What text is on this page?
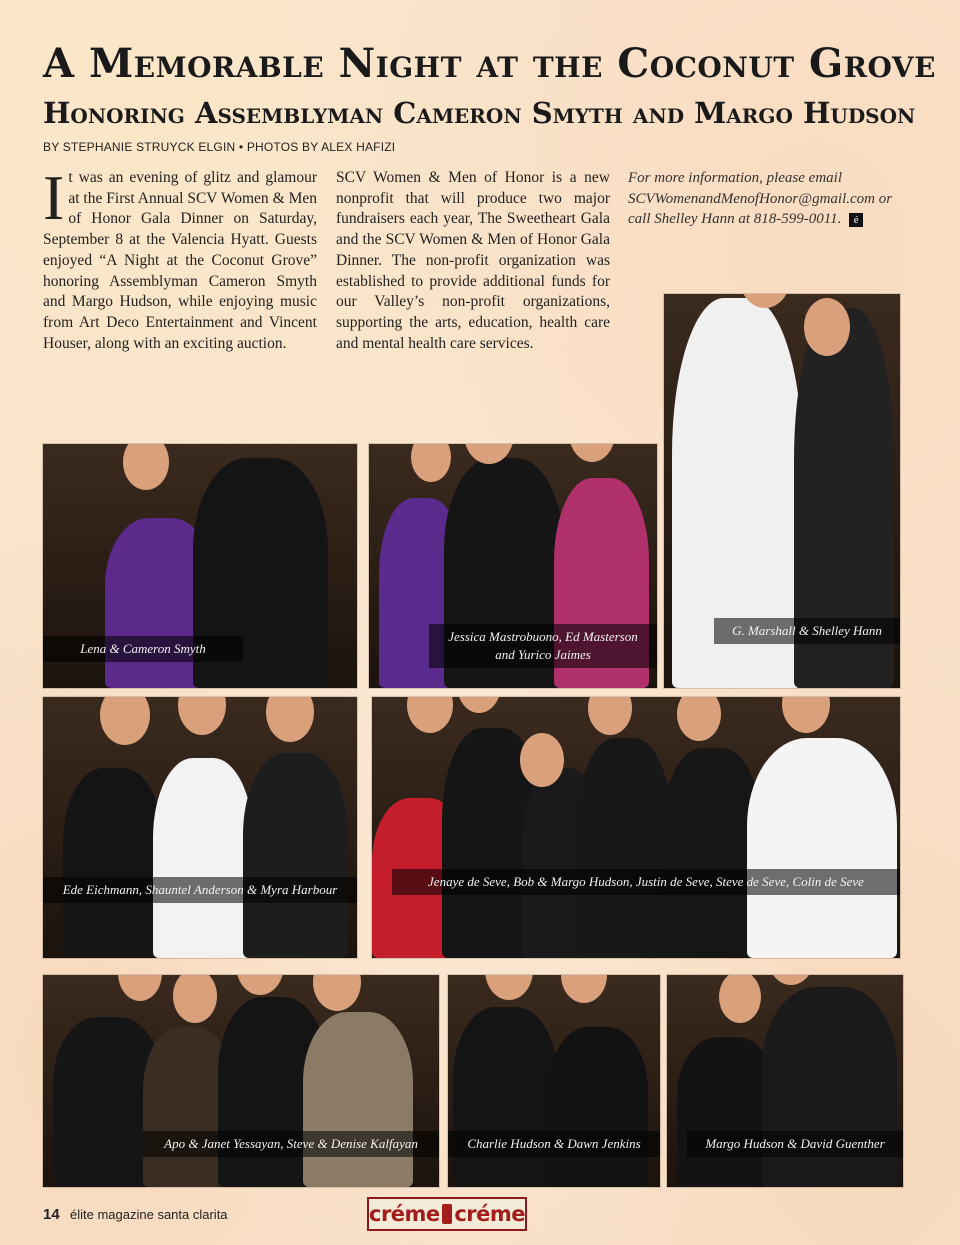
A Memorable Night at the Coconut Grove
Honoring Assemblyman Cameron Smyth and Margo Hudson
BY STEPHANIE STRUYCK ELGIN • PHOTOS BY ALEX HAFIZI
I t was an evening of glitz and glamour at the First Annual SCV Women & Men of Honor Gala Dinner on Saturday, September 8 at the Valencia Hyatt. Guests enjoyed “A Night at the Coconut Grove” honoring Assemblyman Cameron Smyth and Margo Hudson, while enjoying music from Art Deco Entertainment and Vincent Houser, along with an exciting auction.
SCV Women & Men of Honor is a new nonprofit that will produce two major fundraisers each year, The Sweetheart Gala and the SCV Women & Men of Honor Gala Dinner. The non-profit organization was established to provide additional funds for our Valley’s non-profit organizations, supporting the arts, education, health care and mental health care services.
For more information, please email SCVWomenandMenofHonor@gmail.com or call Shelley Hann at 818-599-0011. é
Lena & Cameron Smyth
Jessica Mastrobuono, Ed Masterson and Yurico Jaimes
G. Marshall & Shelley Hann
Ede Eichmann, Shauntel Anderson & Myra Harbour
Jenaye de Seve, Bob & Margo Hudson, Justin de Seve, Steve de Seve, Colin de Seve
Apo & Janet Yessayan, Steve & Denise Kalfayan	Charlie Hudson & Dawn Jenkins	Margo Hudson & David Guenther
14 élite magazine santa clarita	créme créme
